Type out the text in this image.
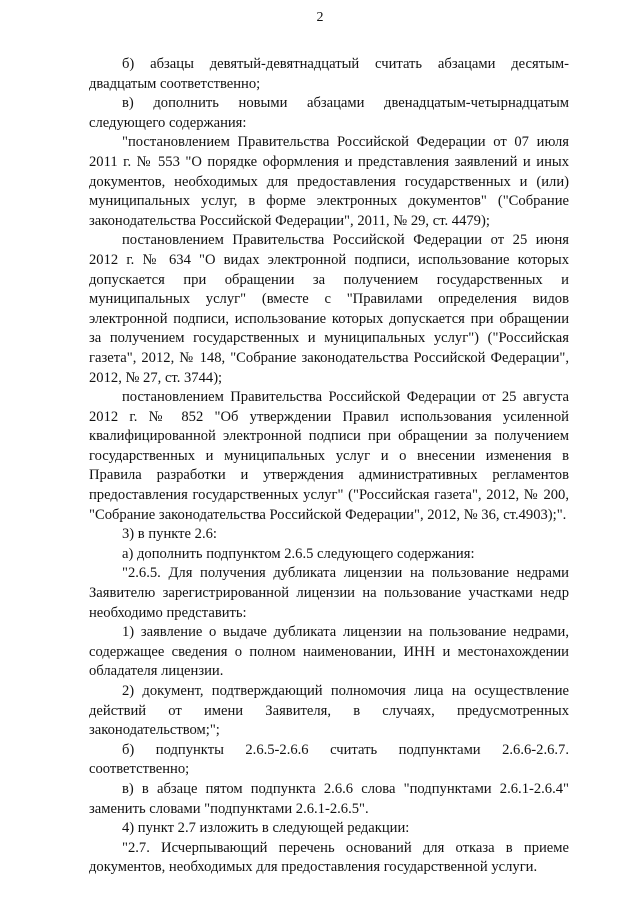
2

б) абзацы девятый-девятнадцатый считать абзацами десятым-двадцатым соответственно;

в) дополнить новыми абзацами двенадцатым-четырнадцатым следующего содержания:

"постановлением Правительства Российской Федерации от 07 июля 2011 г. № 553 "О порядке оформления и представления заявлений и иных документов, необходимых для предоставления государственных и (или) муниципальных услуг, в форме электронных документов" ("Собрание законодательства Российской Федерации", 2011, № 29, ст. 4479);

постановлением Правительства Российской Федерации от 25 июня 2012 г. № 634 "О видах электронной подписи, использование которых допускается при обращении за получением государственных и муниципальных услуг" (вместе с "Правилами определения видов электронной подписи, использование которых допускается при обращении за получением государственных и муниципальных услуг") ("Российская газета", 2012, № 148, "Собрание законодательства Российской Федерации", 2012, № 27, ст. 3744);

постановлением Правительства Российской Федерации от 25 августа 2012 г. № 852 "Об утверждении Правил использования усиленной квалифицированной электронной подписи при обращении за получением государственных и муниципальных услуг и о внесении изменения в Правила разработки и утверждения административных регламентов предоставления государственных услуг" ("Российская газета", 2012, № 200, "Собрание законодательства Российской Федерации", 2012, № 36, ст.4903);".

3) в пункте 2.6:

а) дополнить подпунктом 2.6.5 следующего содержания:

"2.6.5. Для получения дубликата лицензии на пользование недрами Заявителю зарегистрированной лицензии на пользование участками недр необходимо представить:

1) заявление о выдаче дубликата лицензии на пользование недрами, содержащее сведения о полном наименовании, ИНН и местонахождении обладателя лицензии.

2) документ, подтверждающий полномочия лица на осуществление действий от имени Заявителя, в случаях, предусмотренных законодательством;";

б) подпункты 2.6.5-2.6.6 считать подпунктами 2.6.6-2.6.7. соответственно;

в) в абзаце пятом подпункта 2.6.6 слова "подпунктами 2.6.1-2.6.4" заменить словами "подпунктами 2.6.1-2.6.5".

4) пункт 2.7 изложить в следующей редакции:

"2.7. Исчерпывающий перечень оснований для отказа в приеме документов, необходимых для предоставления государственной услуги.
